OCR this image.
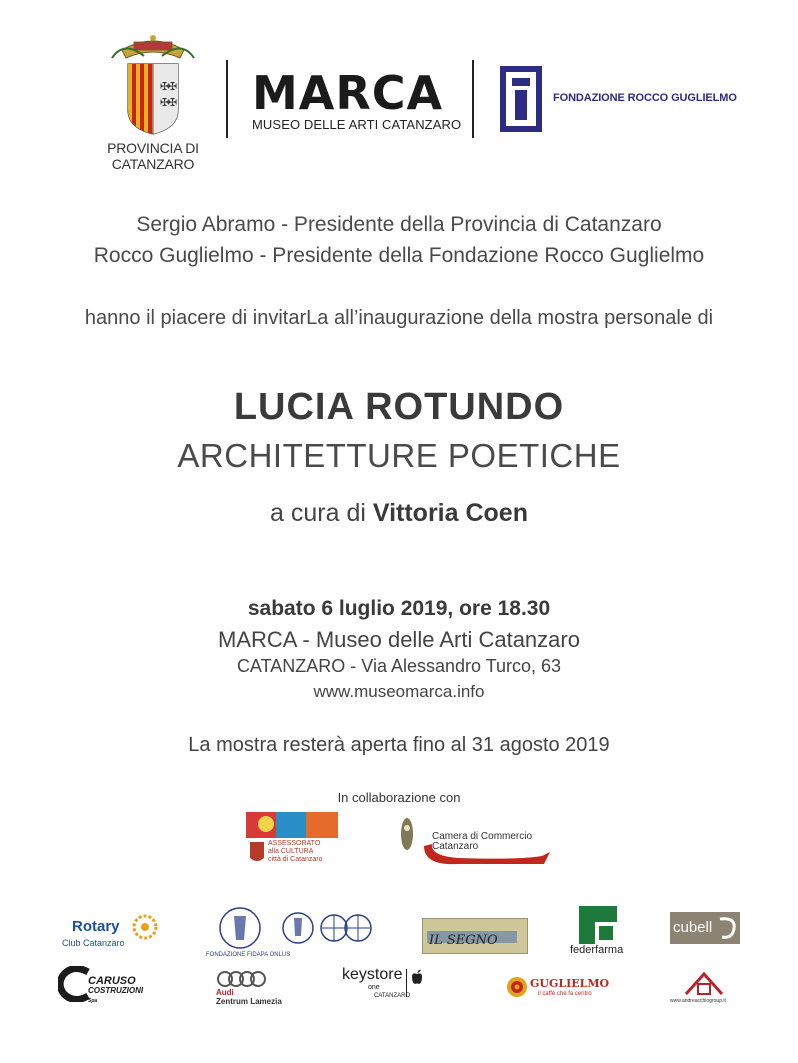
✠
✠
✠
✠
PROVINCIA DI
CATANZARO
MARCA
MUSEO DELLE ARTI CATANZARO
FONDAZIONE ROCCO GUGLIELMO
Sergio Abramo - Presidente della Provincia di Catanzaro
Rocco Guglielmo - Presidente della Fondazione Rocco Guglielmo
hanno il piacere di invitarLa all’inaugurazione della mostra personale di
LUCIA ROTUNDO
ARCHITETTURE POETICHE
a cura di Vittoria Coen
sabato 6 luglio 2019, ore 18.30
MARCA - Museo delle Arti Catanzaro
CATANZARO - Via Alessandro Turco, 63
www.museomarca.info
La mostra resterà aperta fino al 31 agosto 2019
In collaborazione con
ASSESSORATO
alla CULTURA
città di Catanzaro
Camera di Commercio
Catanzaro
Rotary
Club Catanzaro
FONDAZIONE FIDAPA ONLUS
IL SEGNO
federfarma
cubell
CARUSO
COSTRUZIONI Spa
Audi
Zentrum Lamezia
keystore
one
CATANZARO
GUGLIELMO
il caffè che fa centro
www.andreacchiogroup.it
